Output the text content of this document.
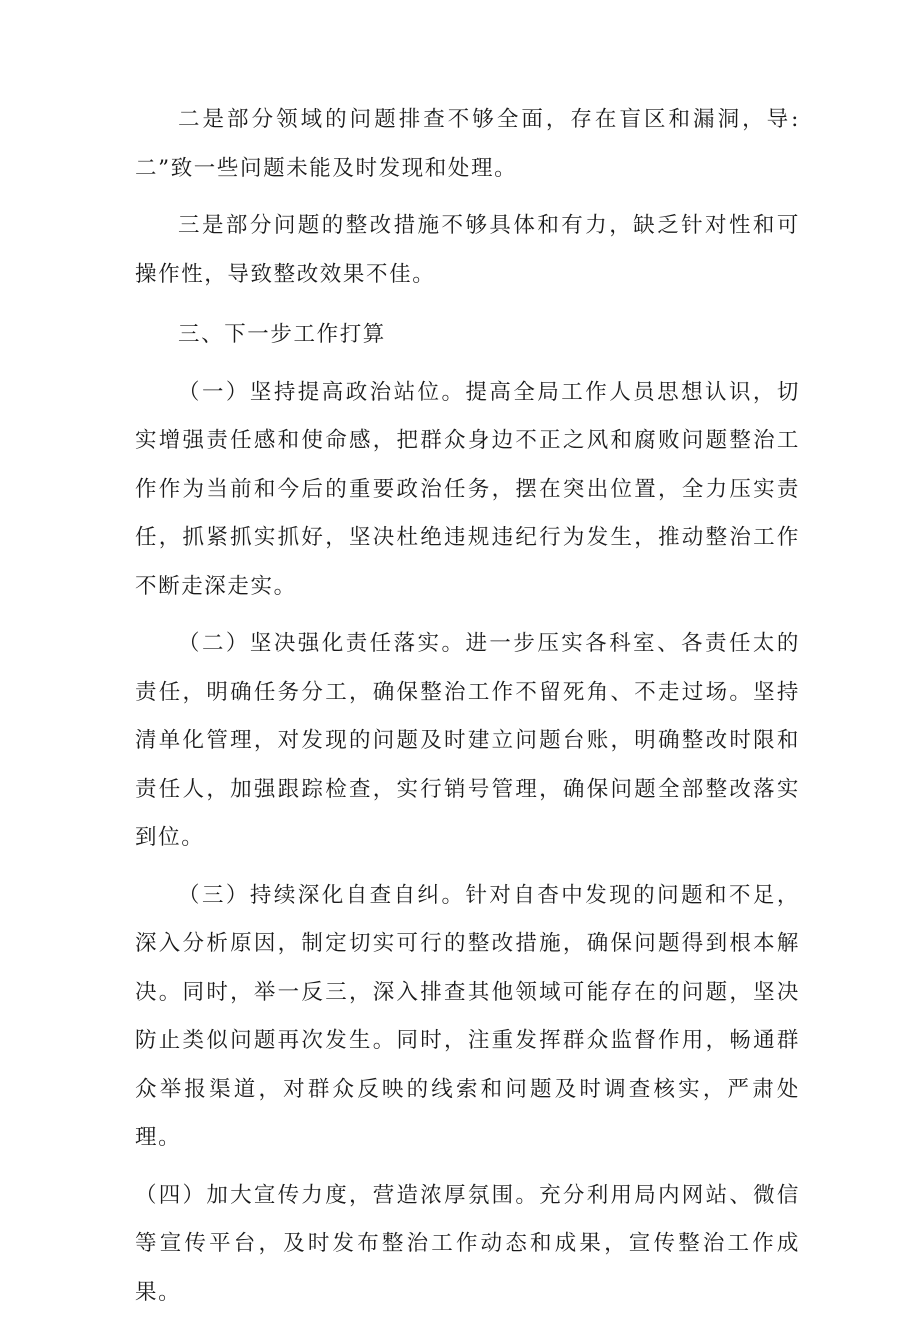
二是部分领域的问题排查不够全面，存在盲区和漏洞，导: 二”致一些问题未能及时发现和处理。

三是部分问题的整改措施不够具体和有力，缺乏针对性和可操作性，导致整改效果不佳。

三、下一步工作打算

（一）坚持提高政治站位。提高全局工作人员思想认识，切实增强责任感和使命感，把群众身边不正之风和腐败问题整治工作作为当前和今后的重要政治任务，摆在突出位置，全力压实责任，抓紧抓实抓好，坚决杜绝违规违纪行为发生，推动整治工作不断走深走实。

（二）坚决强化责任落实。进一步压实各科室、各责任太的责任，明确任务分工，确保整治工作不留死角、不走过场。坚持清单化管理，对发现的问题及时建立问题台账，明确整改时限和责任人，加强跟踪检查，实行销号管理，确保问题全部整改落实到位。

（三）持续深化自查自纠。针对自杳中发现的问题和不足，深入分析原因，制定切实可行的整改措施，确保问题得到根本解决。同时，举一反三，深入排查其他领域可能存在的问题，坚决防止类似问题再次发生。同时，注重发挥群众监督作用，畅通群众举报渠道，对群众反映的线索和问题及时调查核实，严肃处理。

（四）加大宣传力度，营造浓厚氛围。充分利用局内网站、微信等宣传平台，及时发布整治工作动态和成果，宣传整治工作成果。
